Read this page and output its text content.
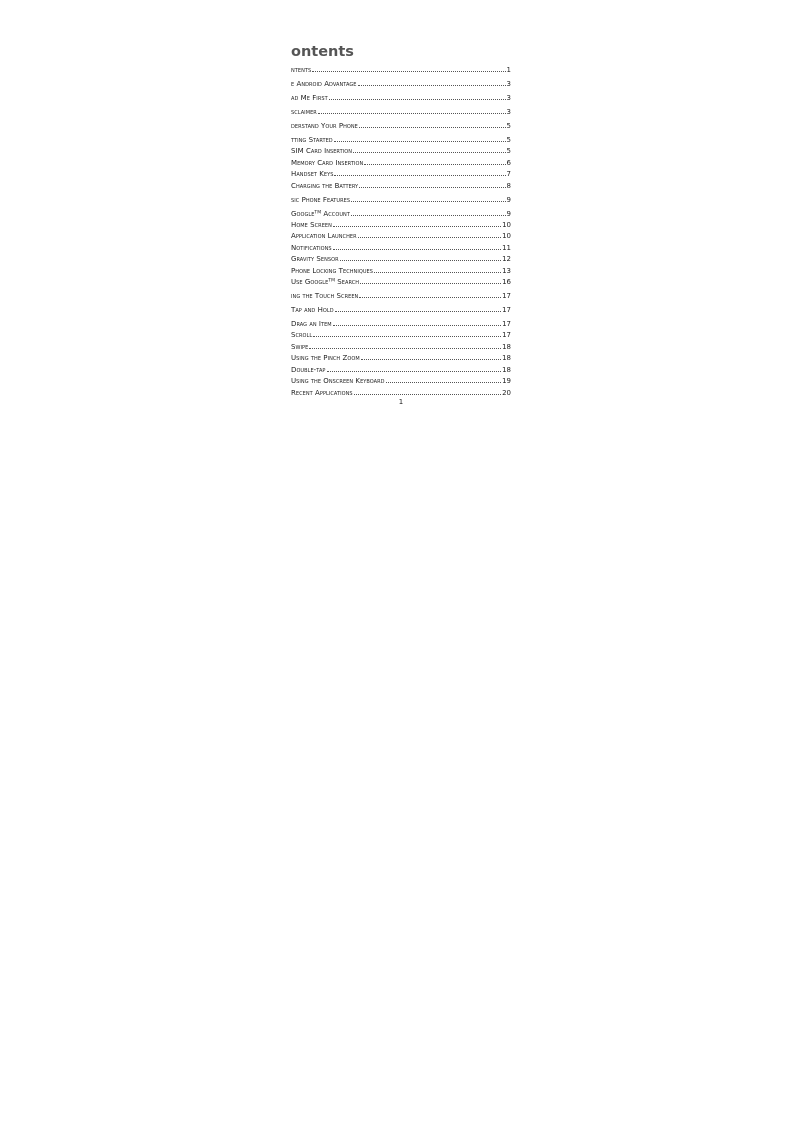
ontents
ntents	1
e Android Advantage	3
ad Me First	3
sclaimer	3
derstand Your Phone	5
tting Started	5
SIM Card Insertion	5
Memory Card Insertion	6
Handset Keys	7
Charging the Battery	8
sic Phone Features	9
Google™ Account	9
Home Screen	10
Application Launcher	10
Notifications	11
Gravity Sensor	12
Phone Locking Techniques	13
Use Google™ Search	16
ing the Touch Screen	17
Tap and Hold	17
Drag an Item	17
Scroll	17
Swipe	18
Using the Pinch Zoom	18
Double-tap	18
Using the Onscreen Keyboard	19
Recent Applications	20
1
